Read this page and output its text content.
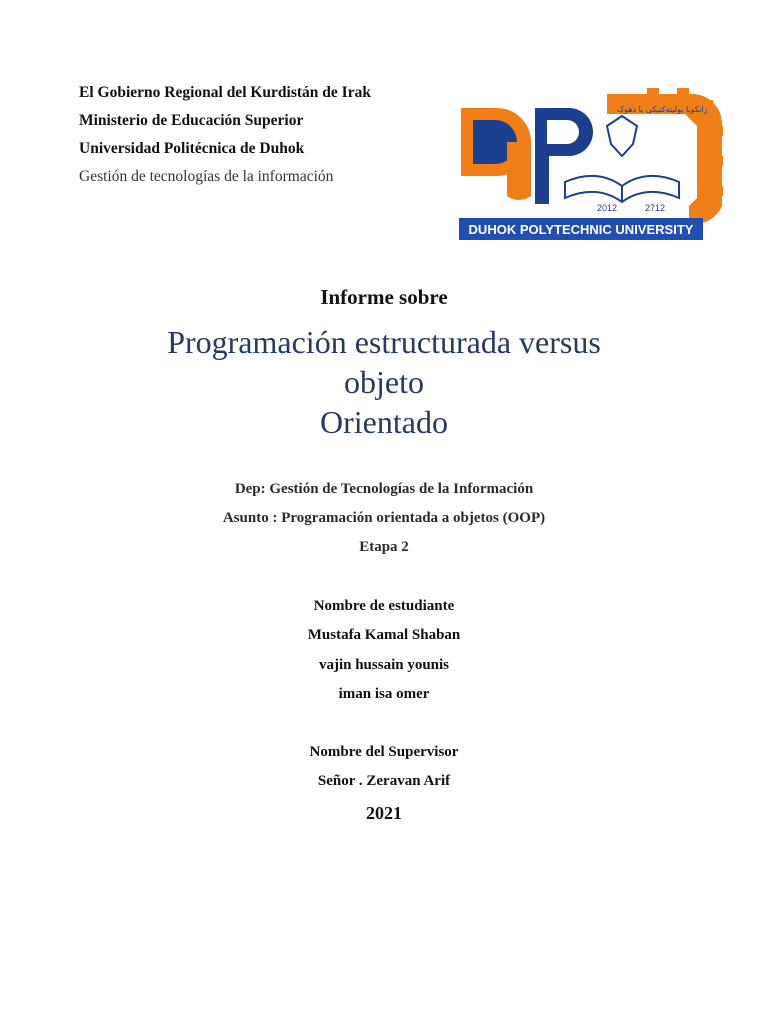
El Gobierno Regional del Kurdistán de Irak
Ministerio de Educación Superior
Universidad Politécnica de Duhok
Gestión de tecnologías de la información
2012	2712
زانكويا پولیتەکنیکی یا دهوک
DUHOK POLYTECHNIC UNIVERSITY
Informe sobre
Programación estructurada versus
objeto
Orientado
Dep: Gestión de Tecnologías de la Información
Asunto : Programación orientada a objetos (OOP)
Etapa 2
Nombre de estudiante
Mustafa Kamal Shaban
vajin hussain younis
iman isa omer
Nombre del Supervisor
Señor . Zeravan Arif
2021
